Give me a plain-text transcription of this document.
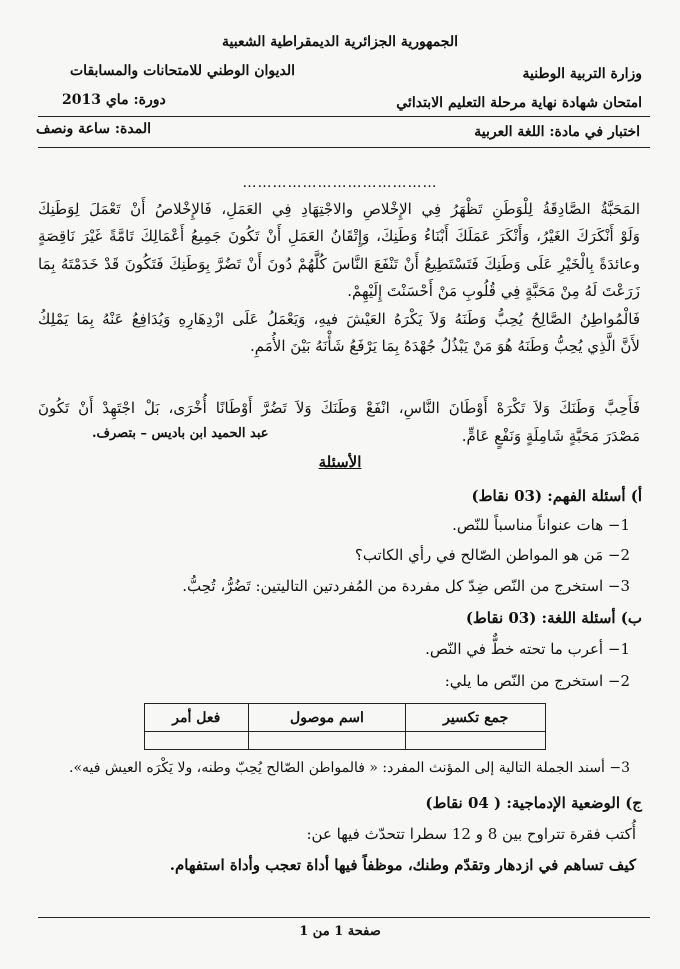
الجمهورية الجزائرية الديمقراطية الشعبية
وزارة التربية الوطنية
الديوان الوطني للامتحانات والمسابقات
امتحان شهادة نهاية مرحلة التعليم الابتدائي
دورة: ماي 2013
اختبار في مادة: اللغة العربية
المدة: ساعة ونصف
…………………………………
المَحَبَّةُ الصَّادِقَةُ لِلْوَطَنِ تَظْهَرُ فِي الإِخْلاصِ والاجْتِهَادِ فِي العَمَلِ، فَالإِخْلاصُ أَنْ تَعْمَلَ لِوَطَنِكَ
وَلَوْ أَنْكَرَكَ الغَيْرُ، وَأَنْكَرَ عَمَلَكَ أَبْنَاءُ وَطَنِكَ، وَإِتْقَانُ العَمَلِ أَنْ تَكُونَ جَمِيعُ أَعْمَالِكَ تَامَّةً غَيْرَ نَاقِصَةٍ
وعائدَةً بِالْخَيْرِ عَلَى وَطَنِكَ فَتَسْتَطِيعُ أَنْ تَنْفَعَ النَّاسَ كُلَّهُمْ دُونَ أَنْ تَضُرَّ بِوَطَنِكَ فَتَكُونَ قَدْ خَدَمْتَهُ بِمَا
زَرَعْتَ لَهُ مِنْ مَحَبَّةٍ فِي قُلُوبِ مَنْ أَحْسَنْتَ إِلَيْهِمْ.
فَالْمُواطِنُ الصَّالِحُ يُحِبُّ وَطَنَهُ وَلاَ يَكْرَهُ العَيْشَ فيهِ، وَيَعْمَلُ عَلَى ازْدِهَارِهِ وَيُدَافِعُ عَنْهُ بِمَا يَمْلِكُ
لأَنَّ الَّذِي يُحِبُّ وَطَنَهُ هُوَ مَنْ يَبْذُلُ جُهْدَهُ بِمَا يَرْفَعُ شَأْنَهُ بَيْنَ الأُمَمِ.
فَأَحِبَّ وَطَنَكَ وَلاَ تَكْرَهْ أَوْطَانَ النَّاسِ، انْفَعْ وَطَنَكَ وَلاَ تَضُرَّ أَوْطَانًا أُخْرَى، بَلْ اجْتَهِدْ أَنْ تَكُونَ
مَصْدَرَ مَحَبَّةٍ شَامِلَةٍ وَنَفْعٍ عَامٍّ.
عبد الحميد ابن باديس – بتصرف.
الأسئلة
أ) أسئلة الفهم: (03 نقاط)
1− هات عنواناً مناسباً للنّص.
2− مَن هو المواطن الصّالح في رأي الكاتب؟
3− استخرج من النّص ضِدّ كل مفردة من المُفردتين التاليتين: تَضُرُّ، تُحِبُّ.
ب) أسئلة اللغة: (03 نقاط)
1− أعرب ما تحته خطٌّ في النّص.
2− استخرج من النّص ما يلي:
جمع تكسير	اسم موصول	فعل أمر

3− أسند الجملة التالية إلى المؤنث المفرد: « فالمواطن الصّالح يُحِبّ وطنه، ولا يَكْرَه العيش فيه».
ج) الوضعية الإدماجية: ( 04 نقاط)
أُكتب فقرة تتراوح بين 8 و 12 سطرا تتحدّث فيها عن:
كيف تساهم في ازدهار وتقدّم وطنك، موظفاً فيها أداة تعجب وأداة استفهام.
صفحة 1 من 1
